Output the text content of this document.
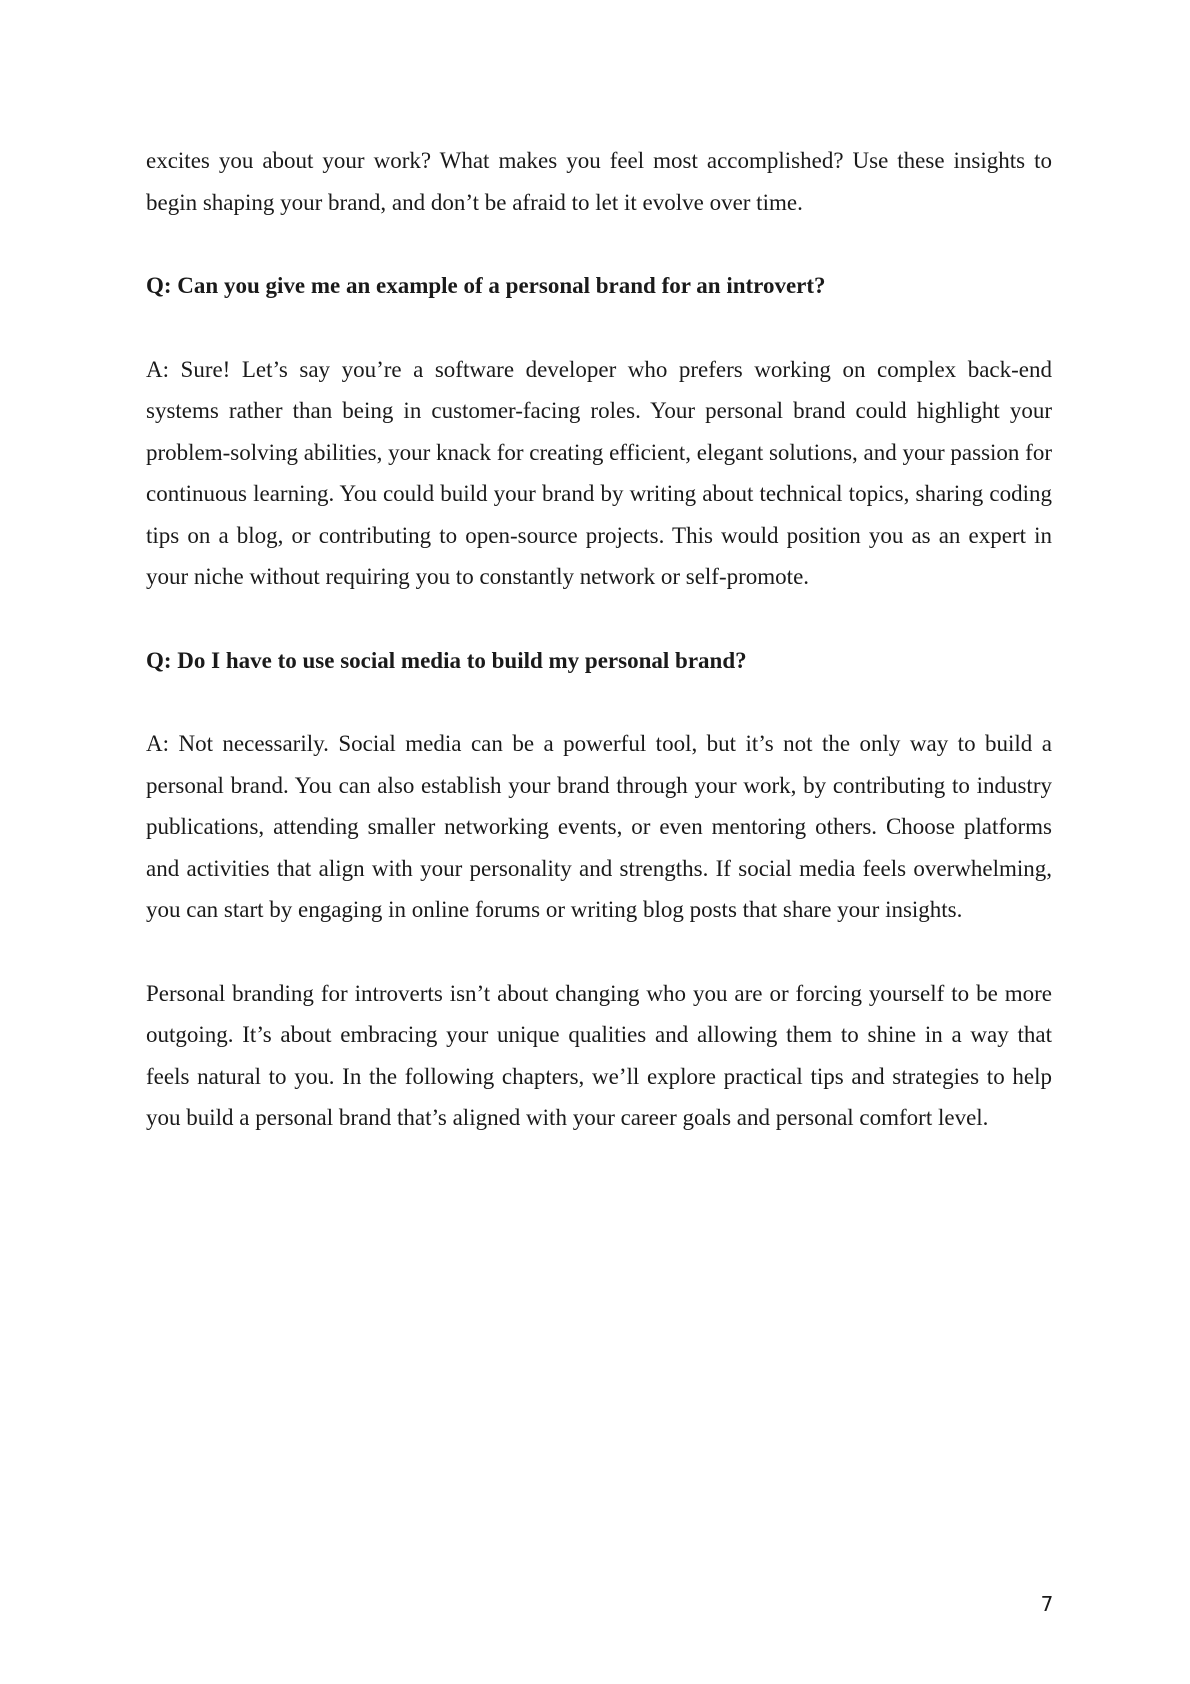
excites you about your work? What makes you feel most accomplished? Use these insights to begin shaping your brand, and don’t be afraid to let it evolve over time.

Q: Can you give me an example of a personal brand for an introvert?

A: Sure! Let’s say you’re a software developer who prefers working on complex back-end systems rather than being in customer-facing roles. Your personal brand could highlight your problem-solving abilities, your knack for creating efficient, elegant solutions, and your passion for continuous learning. You could build your brand by writing about technical topics, sharing coding tips on a blog, or contributing to open-source projects. This would position you as an expert in your niche without requiring you to constantly network or self-promote.

Q: Do I have to use social media to build my personal brand?

A: Not necessarily. Social media can be a powerful tool, but it’s not the only way to build a personal brand. You can also establish your brand through your work, by contributing to industry publications, attending smaller networking events, or even mentoring others. Choose platforms and activities that align with your personality and strengths. If social media feels overwhelming, you can start by engaging in online forums or writing blog posts that share your insights.

Personal branding for introverts isn’t about changing who you are or forcing yourself to be more outgoing. It’s about embracing your unique qualities and allowing them to shine in a way that feels natural to you. In the following chapters, we’ll explore practical tips and strategies to help you build a personal brand that’s aligned with your career goals and personal comfort level.

7
